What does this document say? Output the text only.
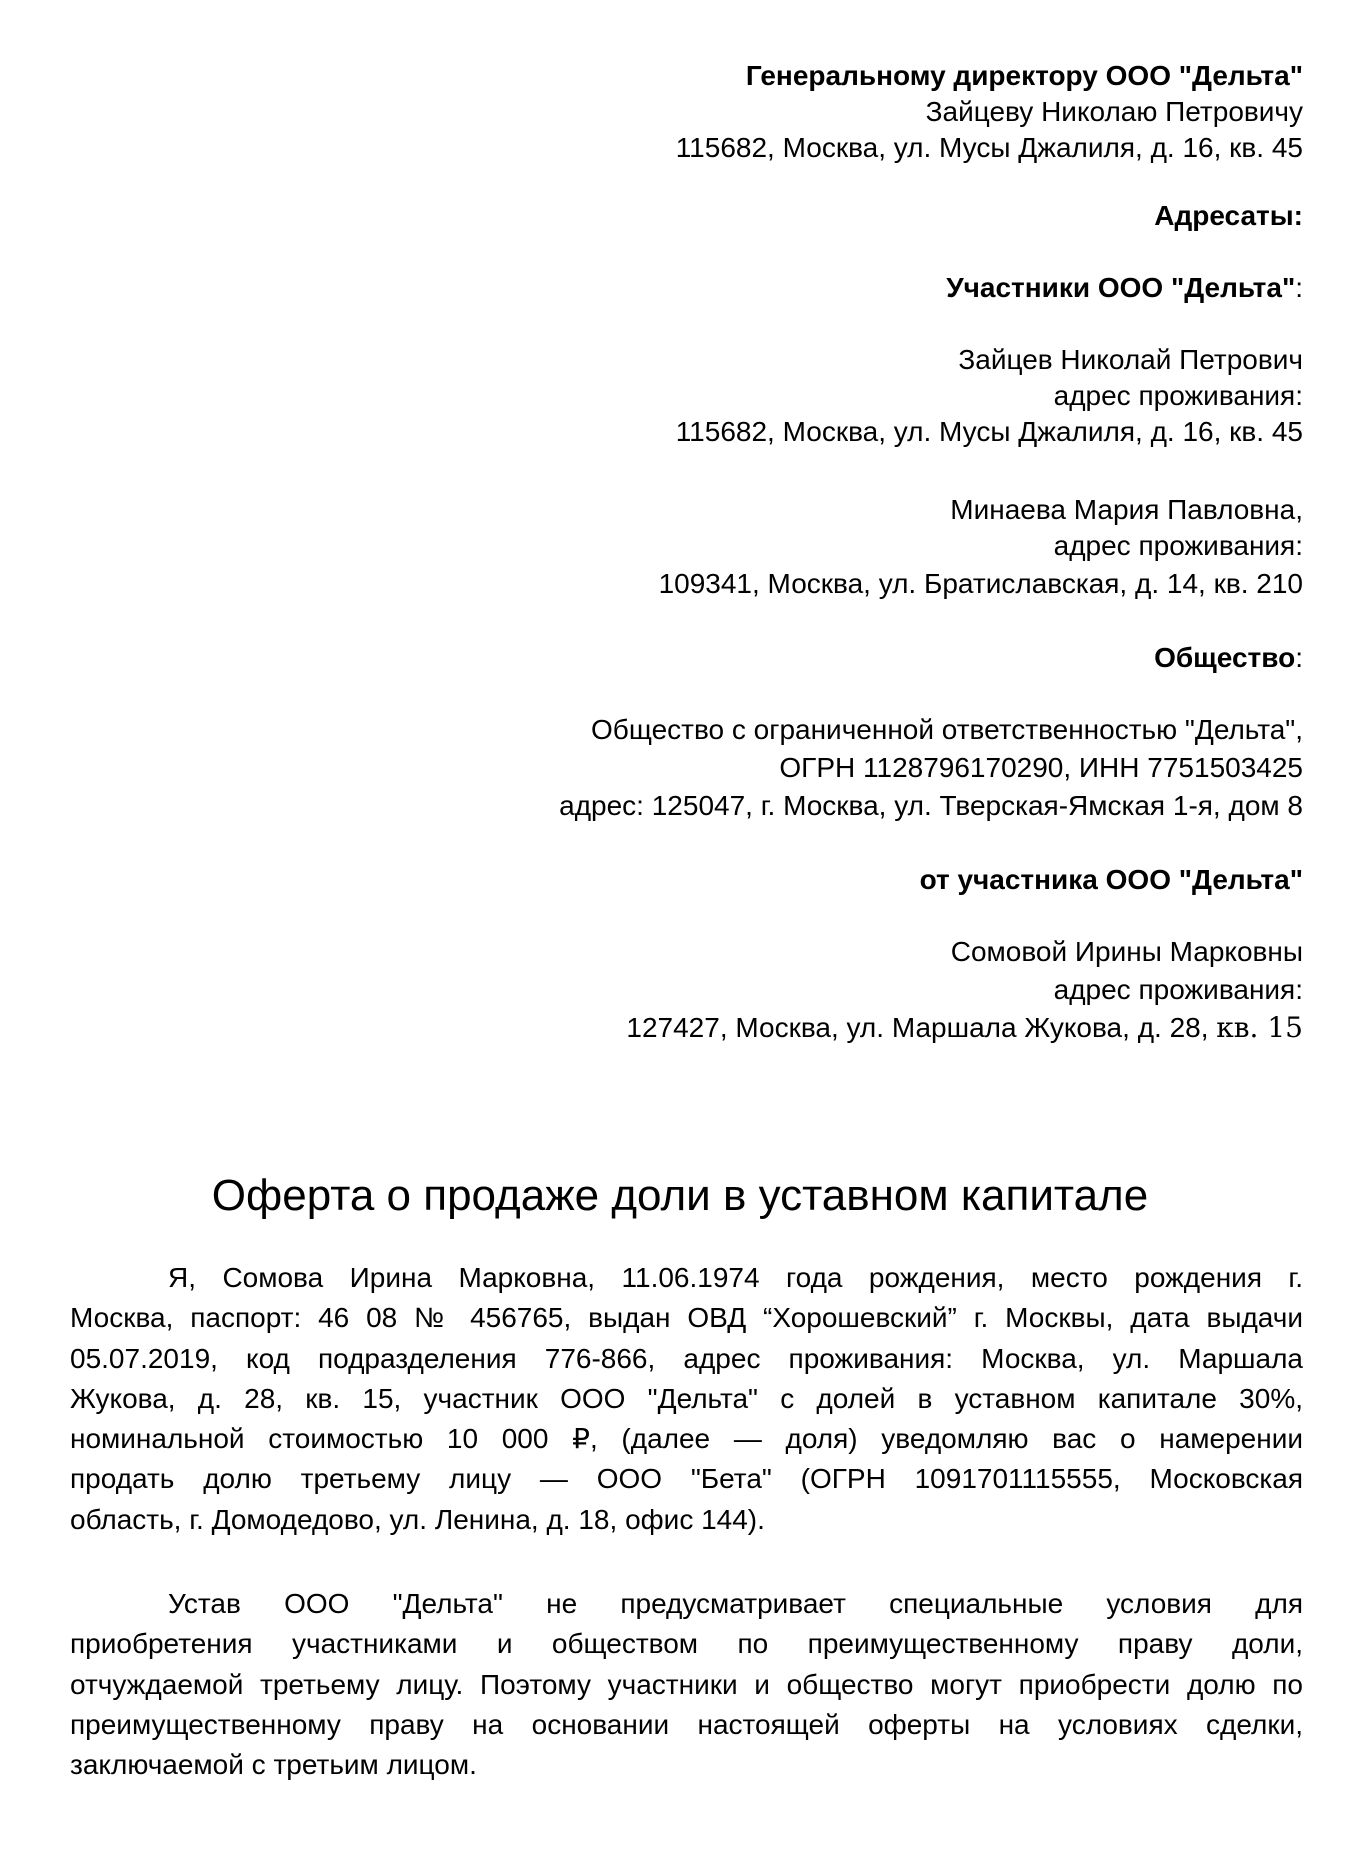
Генеральному директору ООО "Дельта"
Зайцеву Николаю Петровичу
115682, Москва, ул. Мусы Джалиля, д. 16, кв. 45
Адресаты:
Участники ООО "Дельта":
Зайцев Николай Петрович
адрес проживания:
115682, Москва, ул. Мусы Джалиля, д. 16, кв. 45
Минаева Мария Павловна,
адрес проживания:
109341, Москва, ул. Братиславская, д. 14, кв. 210
Общество:
Общество с ограниченной ответственностью "Дельта",
ОГРН 1128796170290, ИНН 7751503425
адрес: 125047, г. Москва, ул. Тверская-Ямская 1-я, дом 8
от участника ООО "Дельта"
Сомовой Ирины Марковны
адрес проживания:
127427, Москва, ул. Маршала Жукова, д. 28, кв. 15
Оферта о продаже доли в уставном капитале
Я, Сомова Ирина Марковна, 11.06.1974 года рождения, место рождения г.
Москва, паспорт: 46 08 № 456765, выдан ОВД “Хорошевский” г. Москвы, дата выдачи
05.07.2019, код подразделения 776-866, адрес проживания: Москва, ул. Маршала
Жукова, д. 28, кв. 15, участник ООО "Дельта" с долей в уставном капитале 30%,
номинальной стоимостью 10 000 ₽, (далее — доля) уведомляю вас о намерении
продать долю третьему лицу — ООО "Бета" (ОГРН 1091701115555, Московская
область, г. Домодедово, ул. Ленина, д. 18, офис 144).
Устав ООО "Дельта" не предусматривает специальные условия для
приобретения участниками и обществом по преимущественному праву доли,
отчуждаемой третьему лицу. Поэтому участники и общество могут приобрести долю по
преимущественному праву на основании настоящей оферты на условиях сделки,
заключаемой с третьим лицом.
